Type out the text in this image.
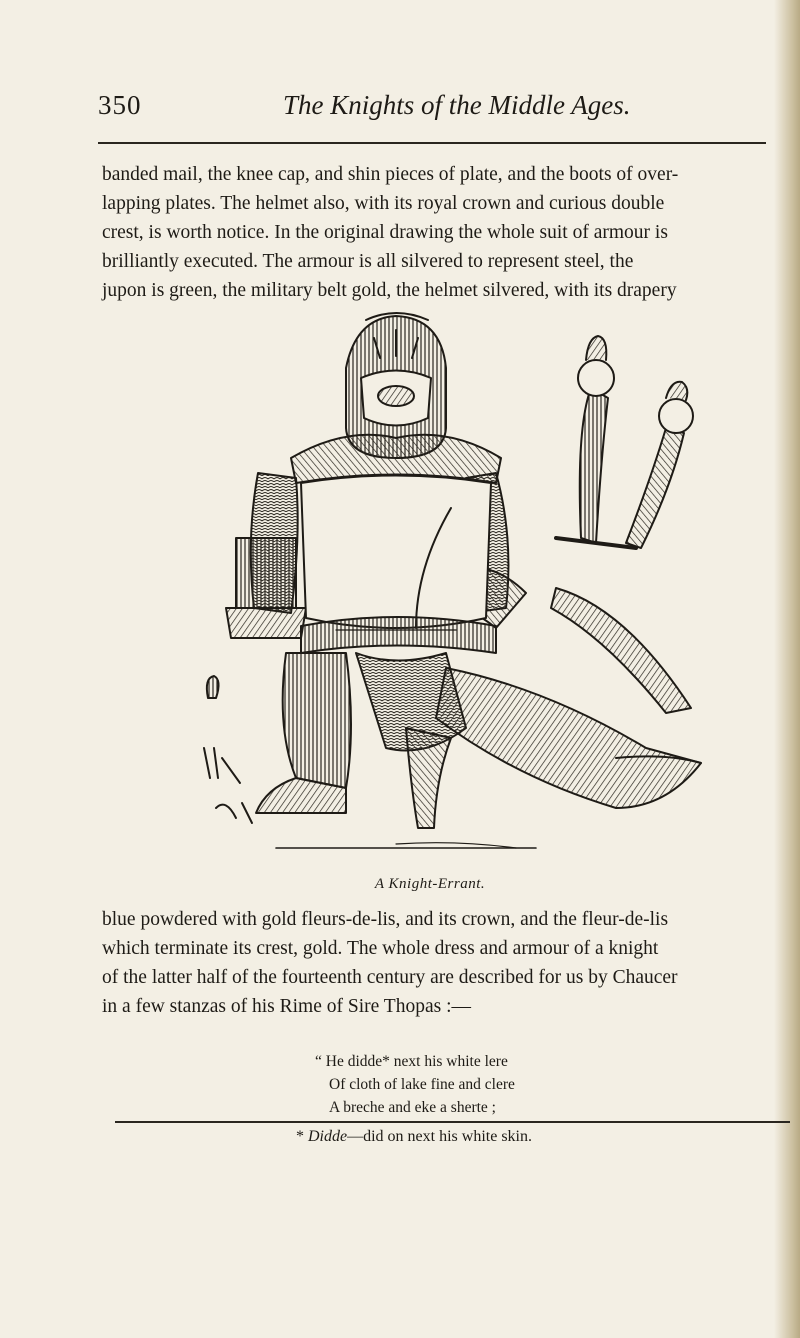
350	The Knights of the Middle Ages.
banded mail, the knee cap, and shin pieces of plate, and the boots of over-
lapping plates. The helmet also, with its royal crown and curious double
crest, is worth notice. In the original drawing the whole suit of armour is
brilliantly executed. The armour is all silvered to represent steel, the
jupon is green, the military belt gold, the helmet silvered, with its drapery
A Knight-Errant.
blue powdered with gold fleurs-de-lis, and its crown, and the fleur-de-lis
which terminate its crest, gold. The whole dress and armour of a knight
of the latter half of the fourteenth century are described for us by Chaucer
in a few stanzas of his Rime of Sire Thopas :—
“ He didde* next his white lere
Of cloth of lake fine and clere
A breche and eke a sherte ;
* Didde—did on next his white skin.
